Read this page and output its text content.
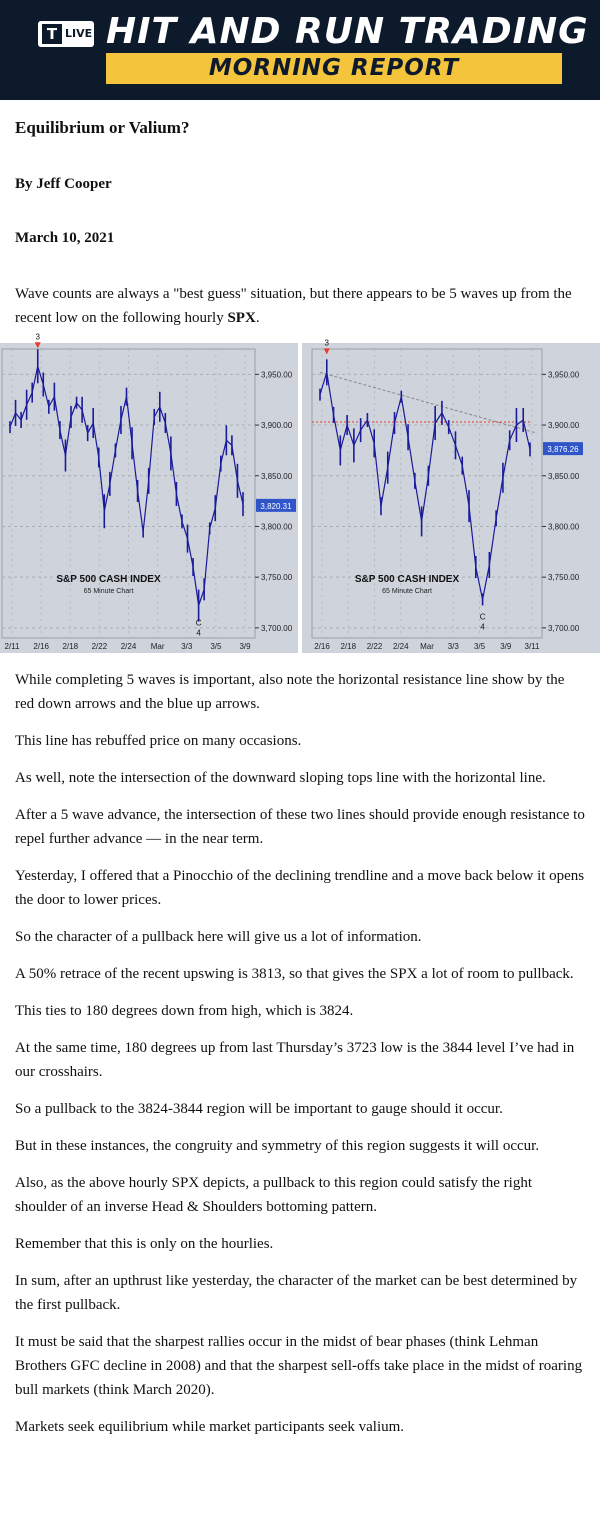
T LIVE HIT AND RUN TRADING
MORNING REPORT
Equilibrium or Valium?
By Jeff Cooper
March 10, 2021
Wave counts are always a "best guess" situation, but there appears to be 5 waves up from the recent low on the following hourly SPX.
3,950.00
3,900.00
3,850.00
3,800.00
3,750.00
3,700.00
2/11 2/16 2/18 2/22 2/24 Mar 3/3 3/5 3/9
3,820.31
3
C
4
S&P 500 CASH INDEX
65 Minute Chart
3,950.00
3,900.00
3,850.00
3,800.00
3,750.00
3,700.00
2/16 2/18 2/22 2/24 Mar 3/3 3/5 3/9 3/11
3,876.26
3
C
4
S&P 500 CASH INDEX
65 Minute Chart

While completing 5 waves is important, also note the horizontal resistance line show by the red down arrows and the blue up arrows.

This line has rebuffed price on many occasions.

As well, note the intersection of the downward sloping tops line with the horizontal line.

After a 5 wave advance, the intersection of these two lines should provide enough resistance to repel further advance — in the near term.

Yesterday, I offered that a Pinocchio of the declining trendline and a move back below it opens the door to lower prices.

So the character of a pullback here will give us a lot of information.

A 50% retrace of the recent upswing is 3813, so that gives the SPX a lot of room to pullback.

This ties to 180 degrees down from high, which is 3824.

At the same time, 180 degrees up from last Thursday’s 3723 low is the 3844 level I’ve had in our crosshairs.

So a pullback to the 3824-3844 region will be important to gauge should it occur.

But in these instances, the congruity and symmetry of this region suggests it will occur.

Also, as the above hourly SPX depicts, a pullback to this region could satisfy the right shoulder of an inverse Head & Shoulders bottoming pattern.

Remember that this is only on the hourlies.

In sum, after an upthrust like yesterday, the character of the market can be best determined by the first pullback.

It must be said that the sharpest rallies occur in the midst of bear phases (think Lehman Brothers GFC decline in 2008) and that the sharpest sell-offs take place in the midst of roaring bull markets (think March 2020).

Markets seek equilibrium while market participants seek valium.
